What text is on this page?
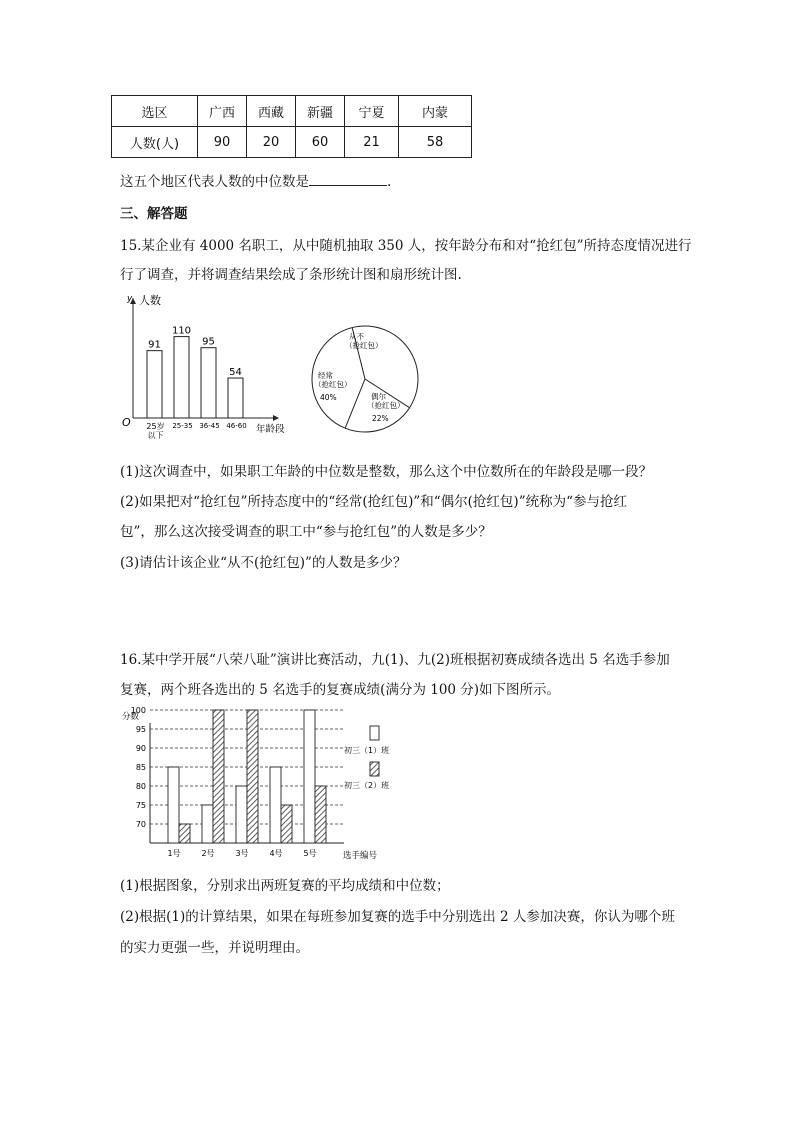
选区	广西	西藏	新疆	宁夏	内蒙
人数(人)	90	20	60	21	58
这五个地区代表人数的中位数是	.
三、解答题
15.某企业有 4000 名职工，从中随机抽取 350 人，按年龄分布和对“抢红包”所持态度情况进行
行了调查，并将调查结果绘成了条形统计图和扇形统计图.
y 人数
O
年龄段
91
25岁
以下
110
25-35
95
36-45
54
46-60
从不
（抢红包）
偶尔
（抢红包）
22%
经常
（抢红包）
40%
(1)这次调查中，如果职工年龄的中位数是整数，那么这个中位数所在的年龄段是哪一段？
(2)如果把对“抢红包”所持态度中的“经常(抢红包)”和“偶尔(抢红包)”统称为“参与抢红
包”，那么这次接受调查的职工中“参与抢红包”的人数是多少？
(3)请估计该企业“从不(抢红包)”的人数是多少？
16.某中学开展“八荣八耻”演讲比赛活动，九(1)、九(2)班根据初赛成绩各选出 5 名选手参加
复赛，两个班各选出的 5 名选手的复赛成绩(满分为 100 分)如下图所示。
分数
70
75
80
85
90
95
100
1号	2号	3号	4号	5号	选手编号
初三（1）班
初三（2）班
(1)根据图象，分别求出两班复赛的平均成绩和中位数；
(2)根据(1)的计算结果，如果在每班参加复赛的选手中分别选出 2 人参加决赛，你认为哪个班
的实力更强一些，并说明理由。
